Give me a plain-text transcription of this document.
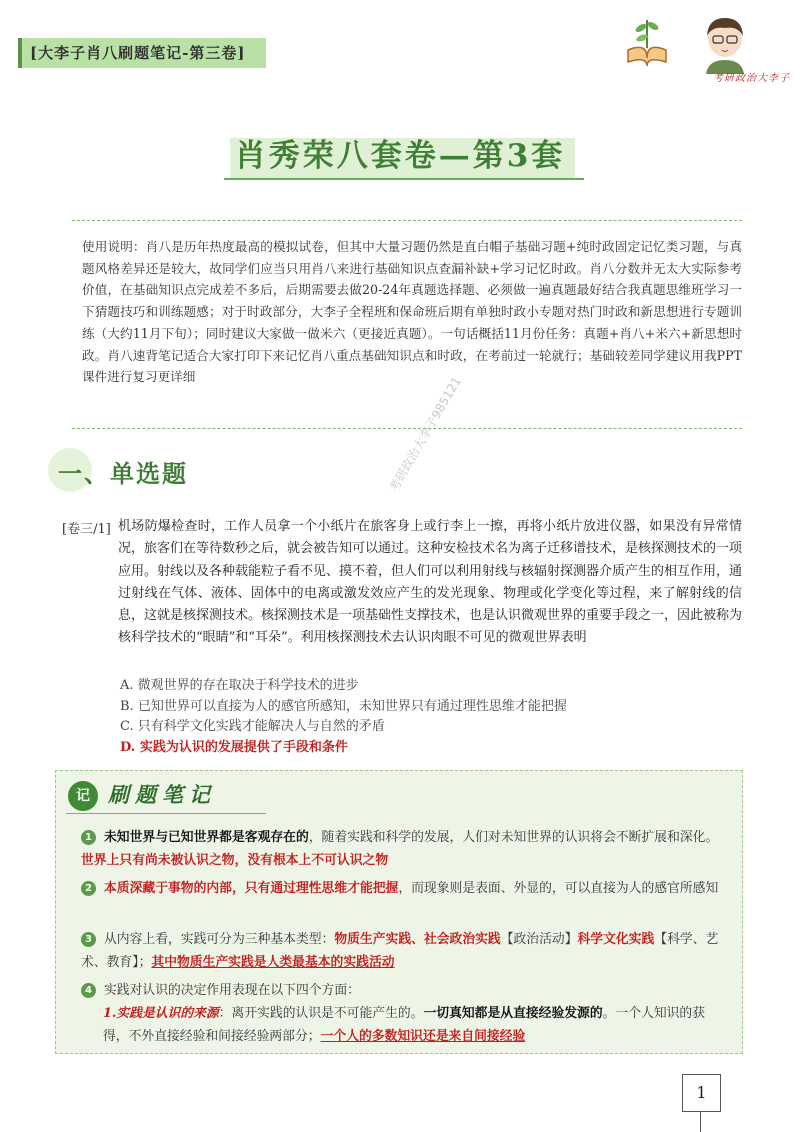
[大李子肖八刷题笔记-第三卷]
考研政治大李子
肖秀荣八套卷—第3套
使用说明：肖八是历年热度最高的模拟试卷，但其中大量习题仍然是直白帽子基础习题+纯时政固定记忆类习题，与真题风格差异还是较大，故同学们应当只用肖八来进行基础知识点查漏补缺+学习记忆时政。肖八分数并无太大实际参考价值，在基础知识点完成差不多后，后期需要去做20-24年真题选择题、必须做一遍真题最好结合我真题思维班学习一下猜题技巧和训练题感；对于时政部分，大李子全程班和保命班后期有单独时政小专题对热门时政和新思想进行专题训练（大约11月下旬）；同时建议大家做一做米六（更接近真题）。一句话概括11月份任务：真题+肖八+米六+新思想时政。肖八速背笔记适合大家打印下来记忆肖八重点基础知识点和时政，在考前过一轮就行；基础较差同学建议用我PPT课件进行复习更详细
一、单选题	考研政治大李子985121
[卷三/1] 机场防爆检查时，工作人员拿一个小纸片在旅客身上或行李上一擦，再将小纸片放进仪器，如果没有异常情况，旅客们在等待数秒之后，就会被告知可以通过。这种安检技术名为离子迁移谱技术，是核探测技术的一项应用。射线以及各种载能粒子看不见、摸不着，但人们可以利用射线与核辐射探测器介质产生的相互作用，通过射线在气体、液体、固体中的电离或激发效应产生的发光现象、物理或化学变化等过程，来了解射线的信息，这就是核探测技术。核探测技术是一项基础性支撑技术，也是认识微观世界的重要手段之一，因此被称为核科学技术的“眼睛”和“耳朵”。利用核探测技术去认识肉眼不可见的微观世界表明
A. 微观世界的存在取决于科学技术的进步
B. 已知世界可以直接为人的感官所感知，未知世界只有通过理性思维才能把握
C. 只有科学文化实践才能解决人与自然的矛盾
D. 实践为认识的发展提供了手段和条件
记 刷题笔记
1 未知世界与已知世界都是客观存在的，随着实践和科学的发展，人们对未知世界的认识将会不断扩展和深化。世界上只有尚未被认识之物，没有根本上不可认识之物
2 本质深藏于事物的内部，只有通过理性思维才能把握，而现象则是表面、外显的，可以直接为人的感官所感知
3 从内容上看，实践可分为三种基本类型：物质生产实践、社会政治实践【政治活动】科学文化实践【科学、艺术、教育】；其中物质生产实践是人类最基本的实践活动
4 实践对认识的决定作用表现在以下四个方面：
1.实践是认识的来源：离开实践的认识是不可能产生的。一切真知都是从直接经验发源的。一个人知识的获得，不外直接经验和间接经验两部分；一个人的多数知识还是来自间接经验
1
